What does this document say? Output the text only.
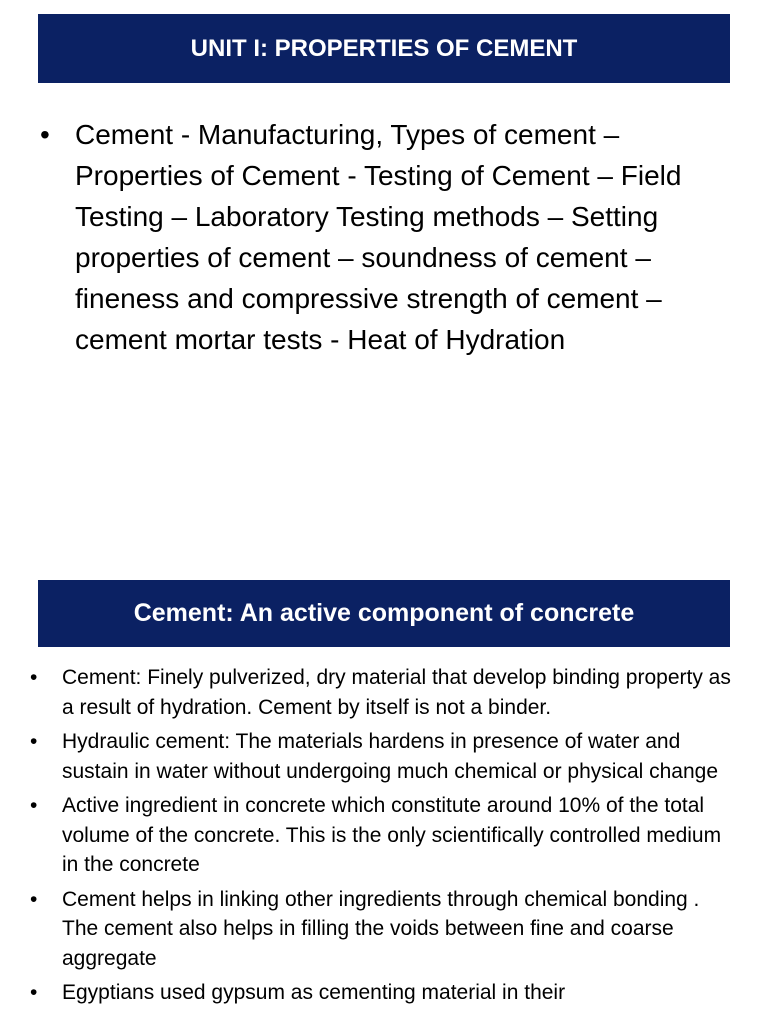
UNIT I: PROPERTIES OF CEMENT
• Cement - Manufacturing, Types of cement – Properties of Cement - Testing of Cement – Field Testing – Laboratory Testing methods – Setting properties of cement – soundness of cement – fineness and compressive strength of cement – cement mortar tests - Heat of Hydration
Cement: An active component of concrete
• Cement: Finely pulverized, dry material that develop binding property as a result of hydration. Cement by itself is not a binder.
• Hydraulic cement: The materials hardens in presence of water and sustain in water without undergoing much chemical or physical change
• Active ingredient in concrete which constitute around 10% of the total volume of the concrete. This is the only scientifically controlled medium in the concrete
• Cement helps in linking other ingredients through chemical bonding . The cement also helps in filling the voids between fine and coarse aggregate
• Egyptians used gypsum as cementing material in their
